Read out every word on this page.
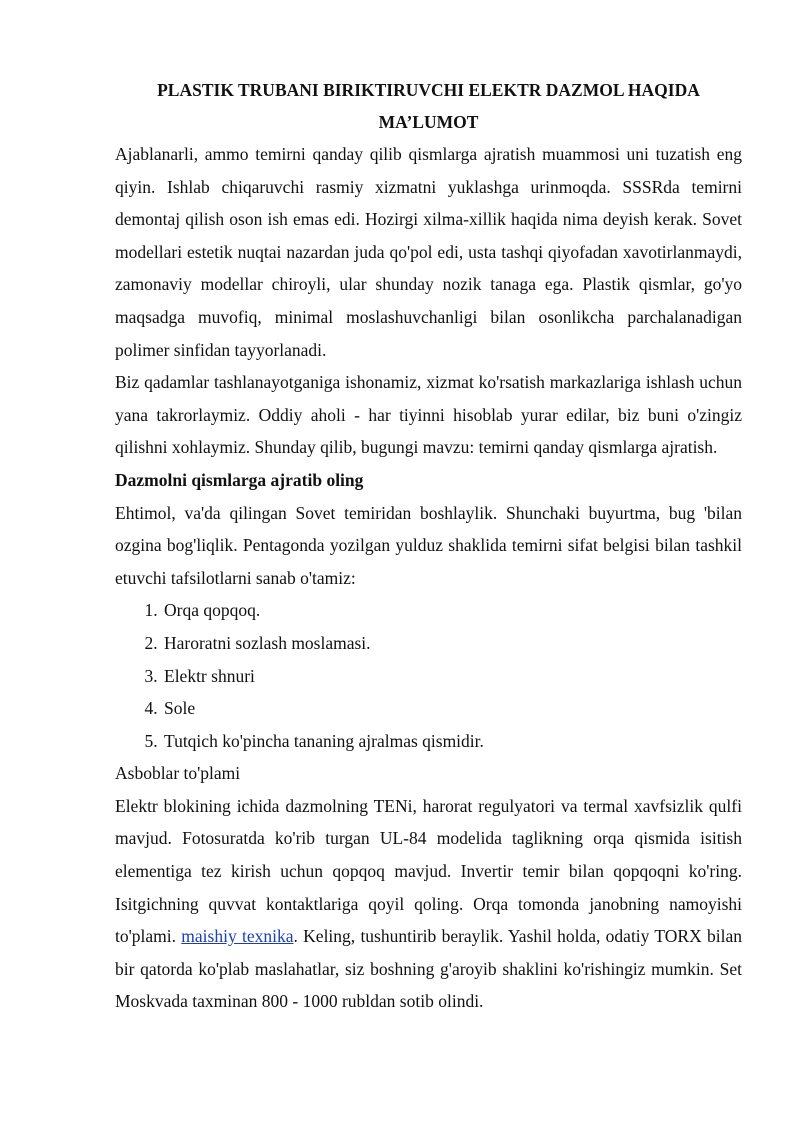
PLASTIK TRUBANI BIRIKTIRUVCHI ELEKTR DAZMOL HAQIDA
MA’LUMOT

Ajablanarli, ammo temirni qanday qilib qismlarga ajratish muammosi uni tuzatish eng qiyin. Ishlab chiqaruvchi rasmiy xizmatni yuklashga urinmoqda. SSSRda temirni demontaj qilish oson ish emas edi. Hozirgi xilma-xillik haqida nima deyish kerak. Sovet modellari estetik nuqtai nazardan juda qo'pol edi, usta tashqi qiyofadan xavotirlanmaydi, zamonaviy modellar chiroyli, ular shunday nozik tanaga ega. Plastik qismlar, go'yo maqsadga muvofiq, minimal moslashuvchanligi bilan osonlikcha parchalanadigan polimer sinfidan tayyorlanadi.

Biz qadamlar tashlanayotganiga ishonamiz, xizmat ko'rsatish markazlariga ishlash uchun yana takrorlaymiz. Oddiy aholi - har tiyinni hisoblab yurar edilar, biz buni o'zingiz qilishni xohlaymiz. Shunday qilib, bugungi mavzu: temirni qanday qismlarga ajratish.

Dazmolni qismlarga ajratib oling

Ehtimol, va'da qilingan Sovet temiridan boshlaylik. Shunchaki buyurtma, bug 'bilan ozgina bog'liqlik. Pentagonda yozilgan yulduz shaklida temirni sifat belgisi bilan tashkil etuvchi tafsilotlarni sanab o'tamiz:

1. Orqa qopqoq.
2. Haroratni sozlash moslamasi.
3. Elektr shnuri
4. Sole
5. Tutqich ko'pincha tananing ajralmas qismidir.

Asboblar to'plami

Elektr blokining ichida dazmolning TENi, harorat regulyatori va termal xavfsizlik qulfi mavjud. Fotosuratda ko'rib turgan UL-84 modelida taglikning orqa qismida isitish elementiga tez kirish uchun qopqoq mavjud. Invertir temir bilan qopqoqni ko'ring. Isitgichning quvvat kontaktlariga qoyil qoling. Orqa tomonda janobning namoyishi to'plami. maishiy texnika. Keling, tushuntirib beraylik. Yashil holda, odatiy TORX bilan bir qatorda ko'plab maslahatlar, siz boshning g'aroyib shaklini ko'rishingiz mumkin. Set Moskvada taxminan 800 - 1000 rubldan sotib olindi.
